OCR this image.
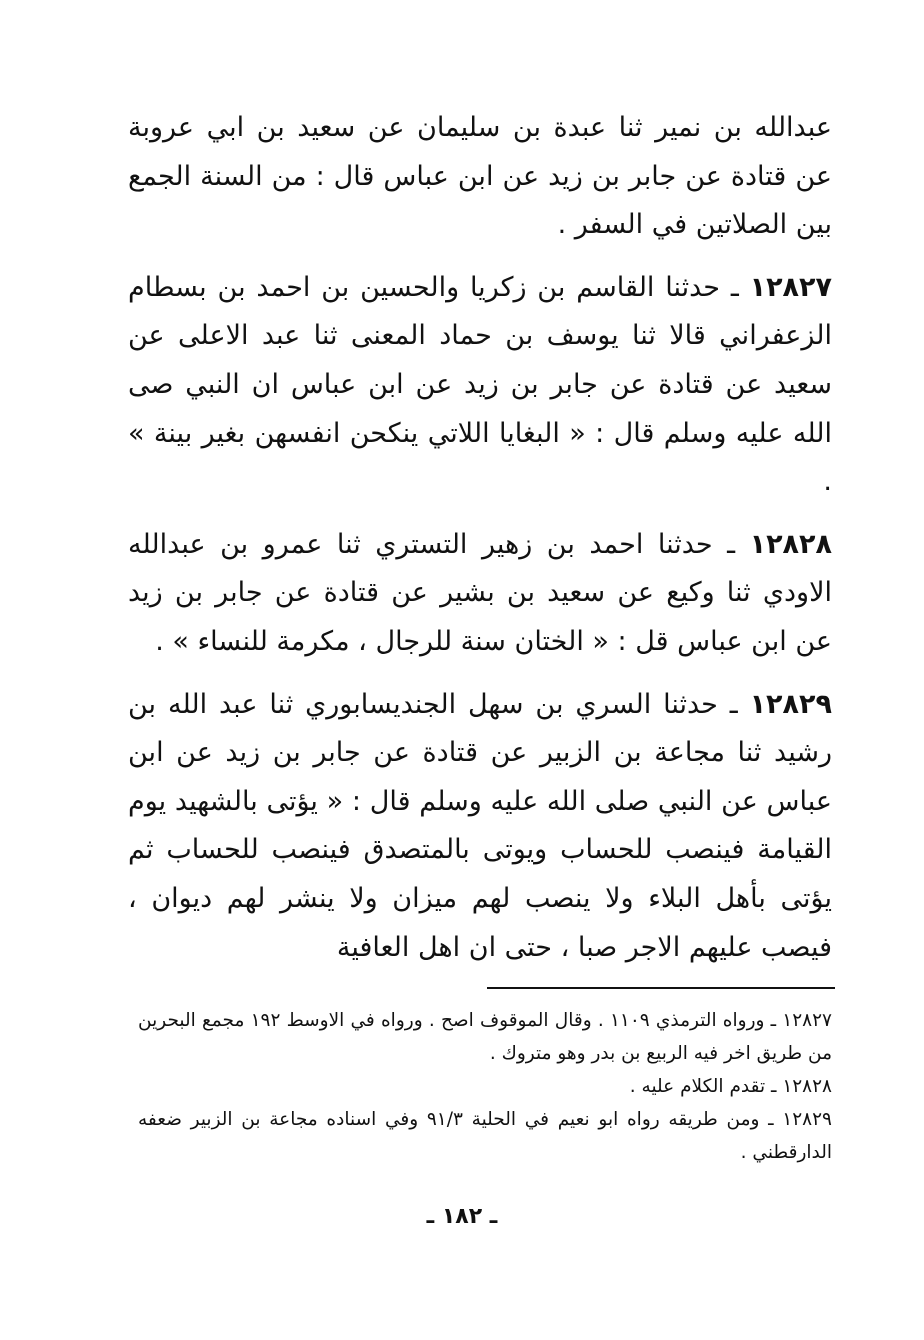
عبدالله بن نمير ثنا عبدة بن سليمان عن سعيد بن ابي عروبة عن قتادة عن جابر بن زيد عن ابن عباس قال : من السنة الجمع بين الصلاتين في السفر .

١٢٨٢٧ ـ حدثنا القاسم بن زكريا والحسين بن احمد بن بسطام الزعفراني قالا ثنا يوسف بن حماد المعنى ثنا عبد الاعلى عن سعيد عن قتادة عن جابر بن زيد عن ابن عباس ان النبي صى الله عليه وسلم قال : « البغايا اللاتي ينكحن انفسهن بغير بينة » .

١٢٨٢٨ ـ حدثنا احمد بن زهير التستري ثنا عمرو بن عبدالله الاودي ثنا وكيع عن سعيد بن بشير عن قتادة عن جابر بن زيد عن ابن عباس قل : « الختان سنة للرجال ، مكرمة للنساء » .

١٢٨٢٩ ـ حدثنا السري بن سهل الجنديسابوري ثنا عبد الله بن رشيد ثنا مجاعة بن الزبير عن قتادة عن جابر بن زيد عن ابن عباس عن النبي صلى الله عليه وسلم قال : « يؤتى بالشهيد يوم القيامة فينصب للحساب ويوتى بالمتصدق فينصب للحساب ثم يؤتى بأهل البلاء ولا ينصب لهم ميزان ولا ينشر لهم ديوان ، فيصب عليهم الاجر صبا ، حتى ان اهل العافية

١٢٨٢٧ ـ ورواه الترمذي ١١٠٩ . وقال الموقوف اصح . ورواه في الاوسط ١٩٢ مجمع البحرين من طريق اخر فيه الربيع بن بدر وهو متروك .

١٢٨٢٨ ـ تقدم الكلام عليه .

١٢٨٢٩ ـ ومن طريقه رواه ابو نعيم في الحلية ٩١/٣ وفي اسناده مجاعة بن الزبير ضعفه الدارقطني .

ـ ١٨٢ ـ
